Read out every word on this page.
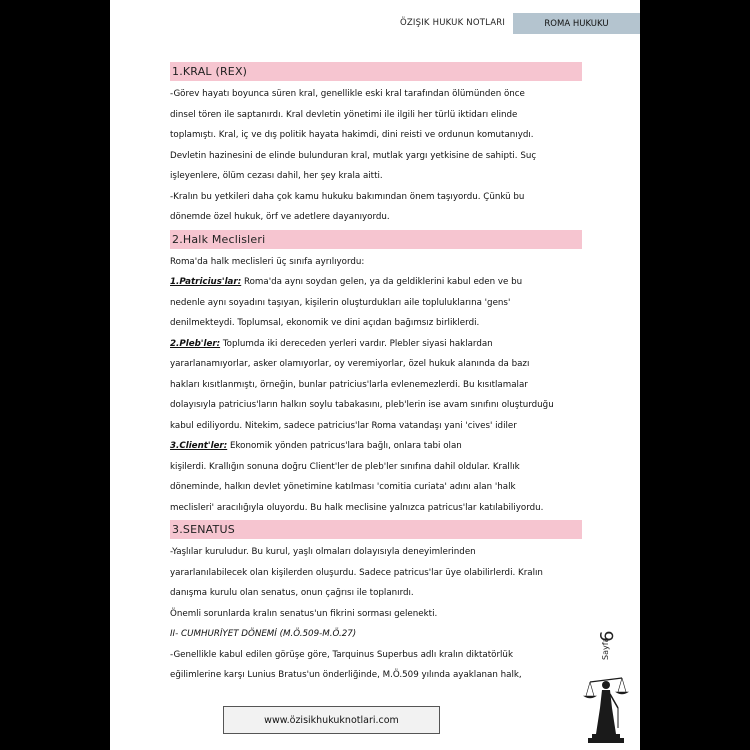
ÖZIŞIK HUKUK NOTLARI	ROMA HUKUKU
1.KRAL (REX)
-Görev hayatı boyunca süren kral, genellikle eski kral tarafından ölümünden önce
dinsel tören ile saptanırdı. Kral devletin yönetimi ile ilgili her türlü iktidarı elinde
toplamıştı. Kral, iç ve dış politik hayata hakimdi, dini reisti ve ordunun komutanıydı.
Devletin hazinesini de elinde bulunduran kral, mutlak yargı yetkisine de sahipti. Suç
işleyenlere, ölüm cezası dahil, her şey krala aitti.
-Kralın bu yetkileri daha çok kamu hukuku bakımından önem taşıyordu. Çünkü bu
dönemde özel hukuk, örf ve adetlere dayanıyordu.
2.Halk Meclisleri
Roma'da halk meclisleri üç sınıfa ayrılıyordu:
1.Patricius'lar: Roma'da aynı soydan gelen, ya da geldiklerini kabul eden ve bu
nedenle aynı soyadını taşıyan, kişilerin oluşturdukları aile topluluklarına 'gens'
denilmekteydi. Toplumsal, ekonomik ve dini açıdan bağımsız birliklerdi.
2.Pleb'ler: Toplumda iki dereceden yerleri vardır. Plebler siyasi haklardan
yararlanamıyorlar, asker olamıyorlar, oy veremiyorlar, özel hukuk alanında da bazı
hakları kısıtlanmıştı, örneğin, bunlar patricius'larla evlenemezlerdi. Bu kısıtlamalar
dolayısıyla patricius'ların halkın soylu tabakasını, pleb'lerin ise avam sınıfını oluşturduğu
kabul ediliyordu. Nitekim, sadece patricius'lar Roma vatandaşı yani 'cives' idiler
3.Client'ler: Ekonomik yönden patricus'lara bağlı, onlara tabi olan
kişilerdi. Krallığın sonuna doğru Client'ler de pleb'ler sınıfına dahil oldular. Krallık
döneminde, halkın devlet yönetimine katılması 'comitia curiata' adını alan 'halk
meclisleri' aracılığıyla oluyordu. Bu halk meclisine yalnızca patricus'lar katılabiliyordu.
3.SENATUS
-Yaşlılar kuruludur. Bu kurul, yaşlı olmaları dolayısıyla deneyimlerinden
yararlanılabilecek olan kişilerden oluşurdu. Sadece patricus'lar üye olabilirlerdi. Kralın
danışma kurulu olan senatus, onun çağrısı ile toplanırdı.
Önemli sorunlarda kralın senatus'un fikrini sorması gelenekti.
II- CUMHURİYET DÖNEMİ (M.Ö.509-M.Ö.27)
-Genellikle kabul edilen görüşe göre, Tarquinus Superbus adlı kralın diktatörlük
eğilimlerine karşı Lunius Bratus'un önderliğinde, M.Ö.509 yılında ayaklanan halk,
Sayfa
6
www.özisikhukuknotlari.com
